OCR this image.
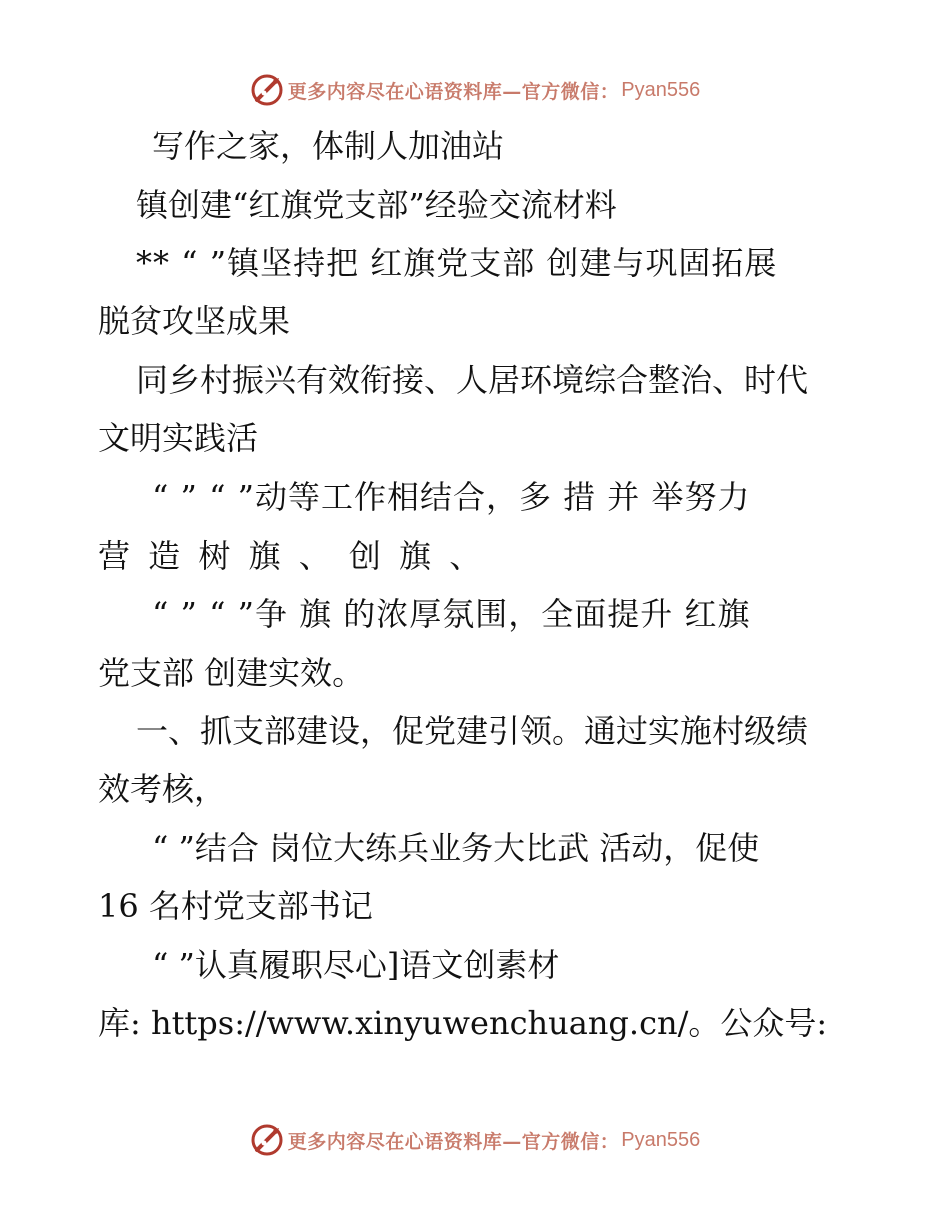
更多内容尽在心语资料库—官方微信： Pyan556
写作之家，体制人加油站
镇创建“红旗党支部”经验交流材料
** “ ”镇坚持把 红旗党支部 创建与巩固拓展
脱贫攻坚成果
同乡村振兴有效衔接、人居环境综合整治、时代
文明实践活
“ ” “ ”动等工作相结合，多 措 并 举努力
营 造 树 旗 、 创 旗 、
“ ” “ ”争 旗 的浓厚氛围，全面提升 红旗
党支部 创建实效。
一、抓支部建设，促党建引领。通过实施村级绩
效考核，
“ ”结合 岗位大练兵业务大比武 活动，促使
16 名村党支部书记
“ ”认真履职尽心]语文创素材
库: https://www.xinyuwenchuang.cn/。公众号:
更多内容尽在心语资料库—官方微信： Pyan556
